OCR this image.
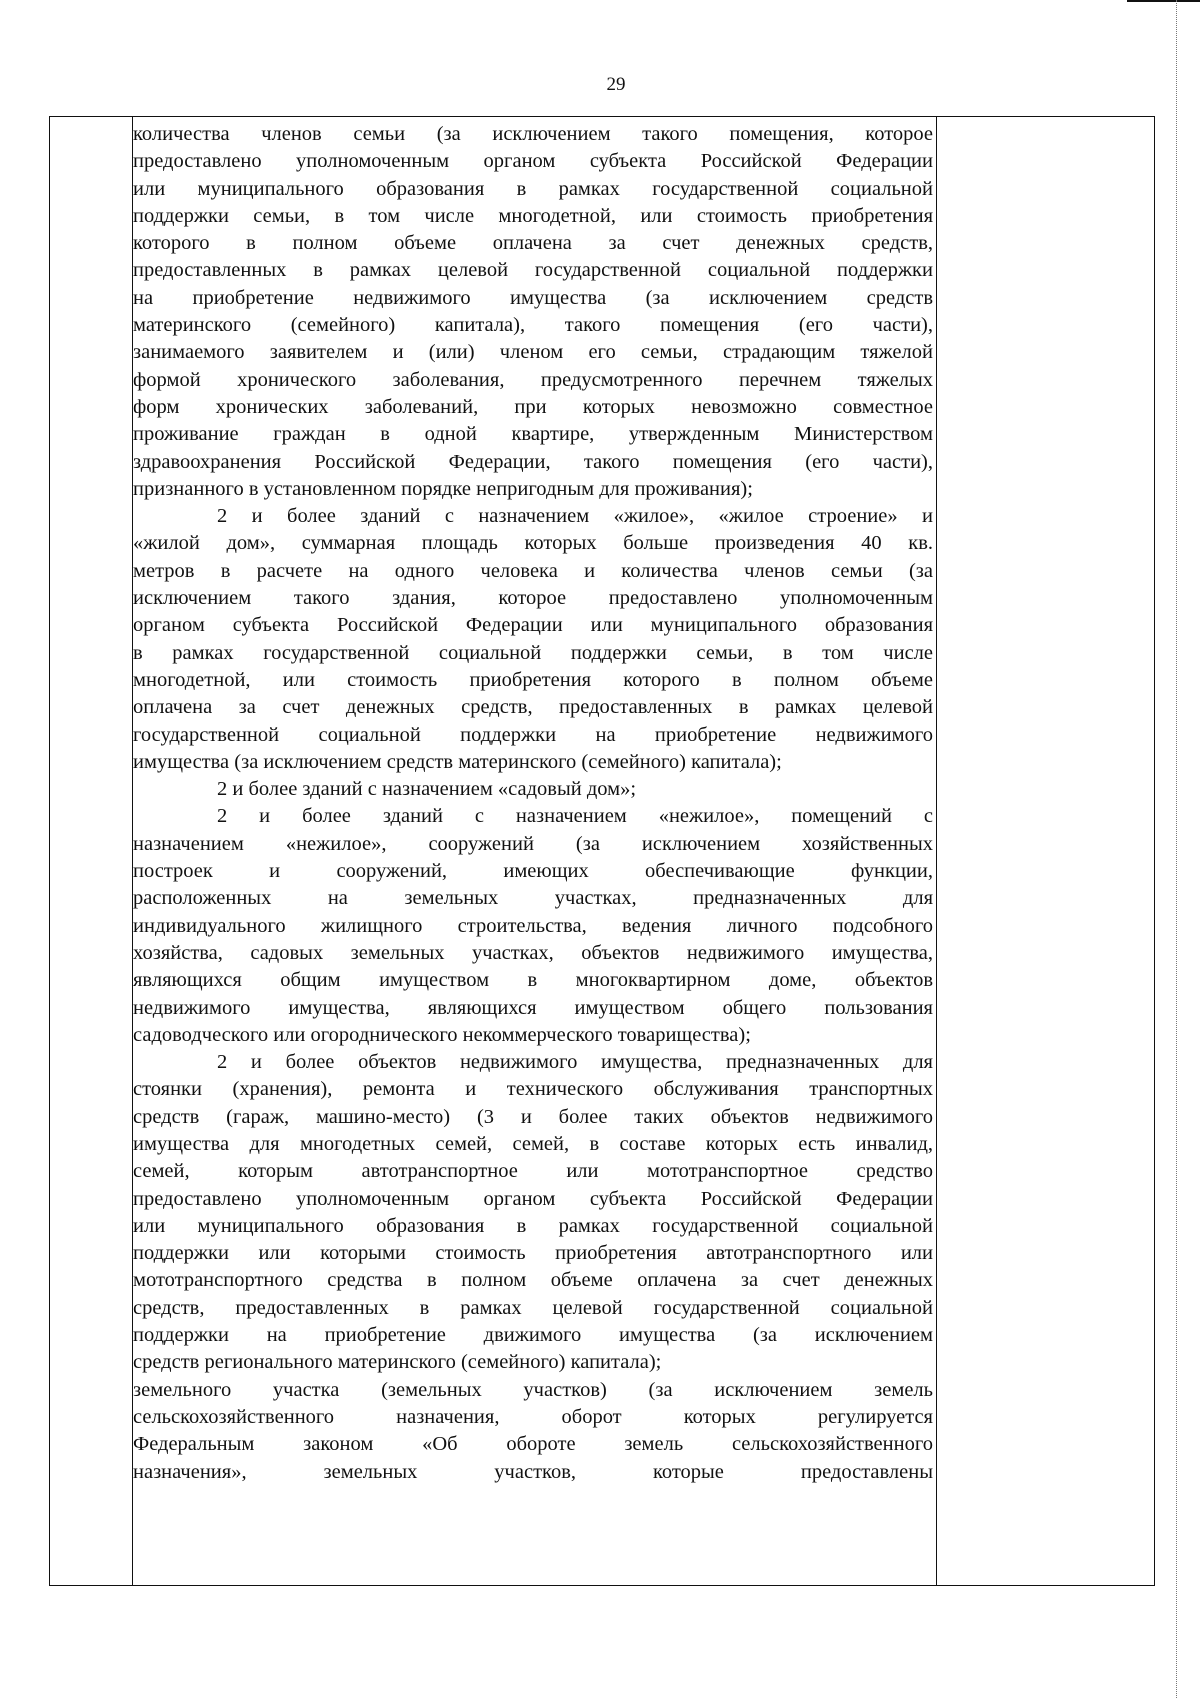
29

количества членов семьи (за исключением такого помещения, которое

предоставлено уполномоченным органом субъекта Российской Федерации

или муниципального образования в рамках государственной социальной

поддержки семьи, в том числе многодетной, или стоимость приобретения

которого в полном объеме оплачена за счет денежных средств,

предоставленных в рамках целевой государственной социальной поддержки

на приобретение недвижимого имущества (за исключением средств

материнского (семейного) капитала), такого помещения (его части),

занимаемого заявителем и (или) членом его семьи, страдающим тяжелой

формой хронического заболевания, предусмотренного перечнем тяжелых

форм хронических заболеваний, при которых невозможно совместное

проживание граждан в одной квартире, утвержденным Министерством

здравоохранения Российской Федерации, такого помещения (его части),

признанного в установленном порядке непригодным для проживания);

2 и более зданий с назначением «жилое», «жилое строение» и

«жилой дом», суммарная площадь которых больше произведения 40 кв.

метров в расчете на одного человека и количества членов семьи (за

исключением такого здания, которое предоставлено уполномоченным

органом субъекта Российской Федерации или муниципального образования

в рамках государственной социальной поддержки семьи, в том числе

многодетной, или стоимость приобретения которого в полном объеме

оплачена за счет денежных средств, предоставленных в рамках целевой

государственной социальной поддержки на приобретение недвижимого

имущества (за исключением средств материнского (семейного) капитала);

2 и более зданий с назначением «садовый дом»;

2 и более зданий с назначением «нежилое», помещений с

назначением «нежилое», сооружений (за исключением хозяйственных

построек и сооружений, имеющих обеспечивающие функции,

расположенных на земельных участках, предназначенных для

индивидуального жилищного строительства, ведения личного подсобного

хозяйства, садовых земельных участках, объектов недвижимого имущества,

являющихся общим имуществом в многоквартирном доме, объектов

недвижимого имущества, являющихся имуществом общего пользования

садоводческого или огороднического некоммерческого товарищества);

2 и более объектов недвижимого имущества, предназначенных для

стоянки (хранения), ремонта и технического обслуживания транспортных

средств (гараж, машино-место) (3 и более таких объектов недвижимого

имущества для многодетных семей, семей, в составе которых есть инвалид,

семей, которым автотранспортное или мототранспортное средство

предоставлено уполномоченным органом субъекта Российской Федерации

или муниципального образования в рамках государственной социальной

поддержки или которыми стоимость приобретения автотранспортного или

мототранспортного средства в полном объеме оплачена за счет денежных

средств, предоставленных в рамках целевой государственной социальной

поддержки на приобретение движимого имущества (за исключением

средств регионального материнского (семейного) капитала);

земельного участка (земельных участков) (за исключением земель

сельскохозяйственного назначения, оборот которых регулируется

Федеральным законом «Об обороте земель сельскохозяйственного

назначения», земельных участков, которые предоставлены
